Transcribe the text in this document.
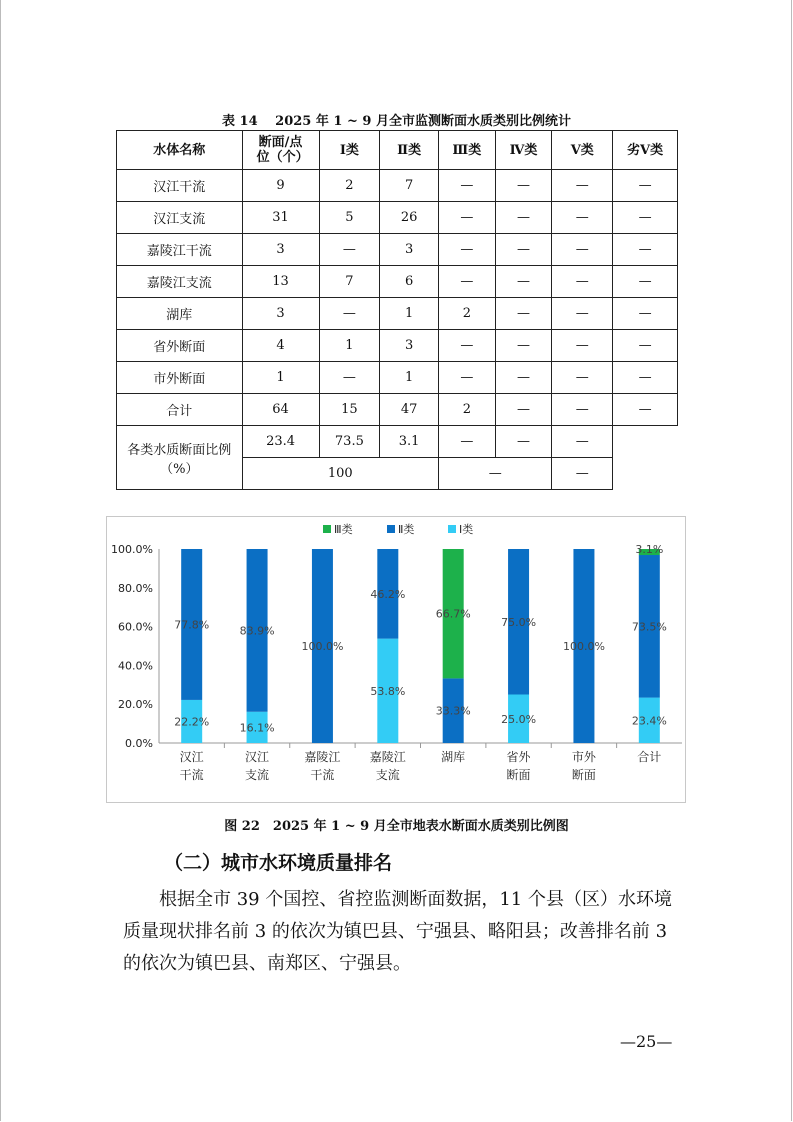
表 14　 2025 年 1 ~ 9 月全市监测断面水质类别比例统计
水体名称	断面/点位（个）	Ⅰ类	Ⅱ类	Ⅲ类	Ⅳ类	Ⅴ类	劣Ⅴ类
汉江干流	9	2	7	—	—	—	—
汉江支流	31	5	26	—	—	—	—
嘉陵江干流	3	—	3	—	—	—	—
嘉陵江支流	13	7	6	—	—	—	—
湖库	3	—	1	2	—	—	—
省外断面	4	1	3	—	—	—	—
市外断面	1	—	1	—	—	—	—
合计	64	15	47	2	—	—	—
各类水质断面比例（%）	23.4	73.5	3.1	—	—	—	
	100			—		—	
0.0%
20.0%
40.0%
60.0%
80.0%
100.0%
22.2%
77.8%
汉江
干流
16.1%
83.9%
汉江
支流
100.0%
嘉陵江
干流
53.8%
46.2%
嘉陵江
支流
33.3%
66.7%
湖库
25.0%
75.0%
省外
断面
100.0%
市外
断面
23.4%
73.5%
3.1%
合计
Ⅲ类	Ⅱ类	Ⅰ类
图 22　2025 年 1 ~ 9 月全市地表水断面水质类别比例图
（二）城市水环境质量排名
根据全市 39 个国控、省控监测断面数据，11 个县（区）水环境质量现状排名前 3 的依次为镇巴县、宁强县、略阳县；改善排名前 3 的依次为镇巴县、南郑区、宁强县。
—25—
